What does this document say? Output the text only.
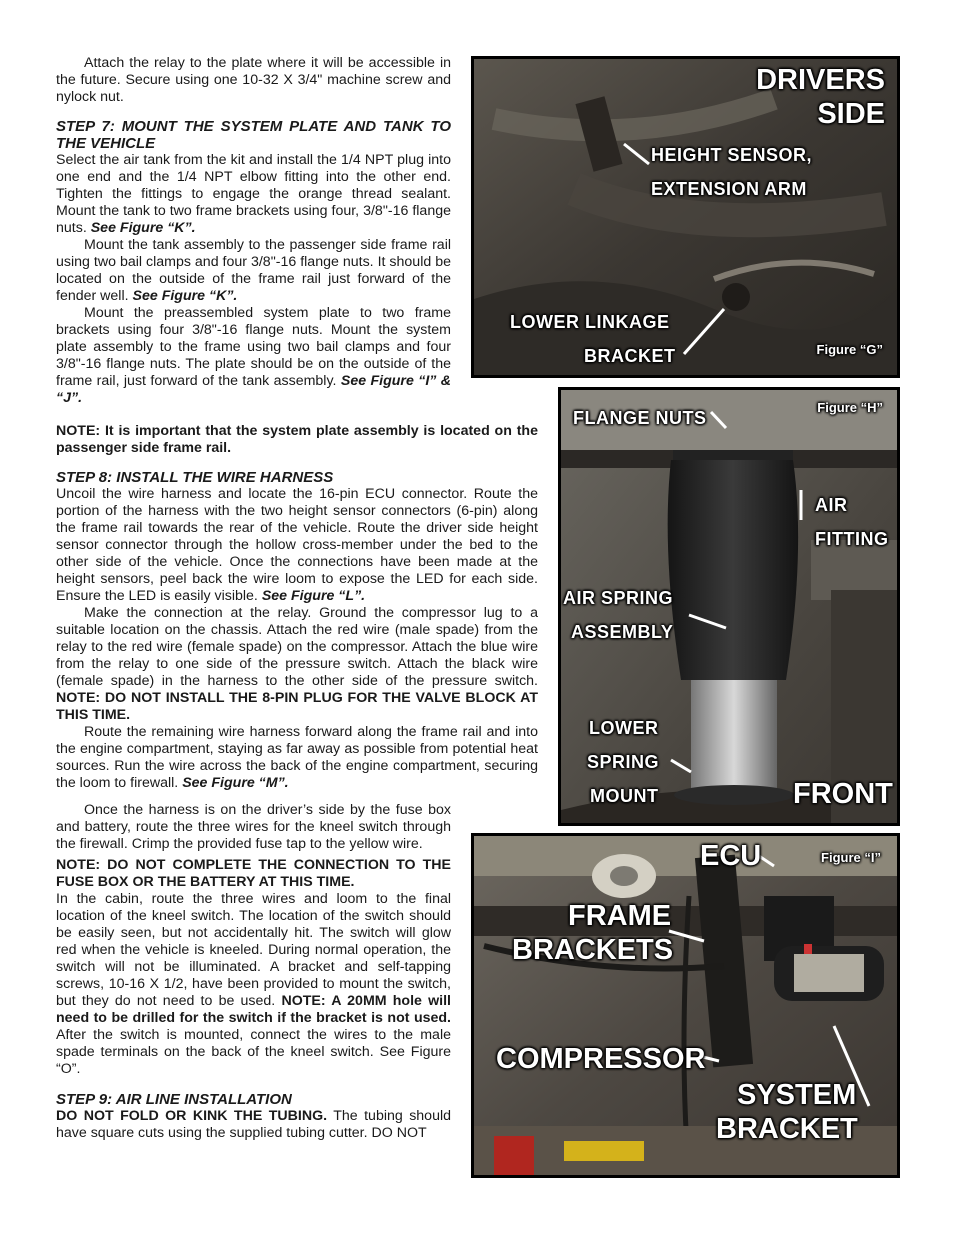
Attach the relay to the plate where it will be accessible in the future. Secure using one 10-32 X 3/4" machine screw and nylock nut.

STEP 7: MOUNT THE SYSTEM PLATE AND TANK TO THE VEHICLE

Select the air tank from the kit and install the 1/4 NPT plug into one end and the 1/4 NPT elbow fitting into the other end. Tighten the fittings to engage the orange thread sealant. Mount the tank to two frame brackets using four, 3/8"-16 flange nuts. See Figure “K”.

Mount the tank assembly to the passenger side frame rail using two bail clamps and four 3/8"-16 flange nuts. It should be located on the outside of the frame rail just forward of the fender well. See Figure “K”.

Mount the preassembled system plate to two frame brackets using four 3/8"-16 flange nuts. Mount the system plate assembly to the frame using two bail clamps and four 3/8"-16 flange nuts. The plate should be on the outside of the frame rail, just forward of the tank assembly. See Figure “I” & “J”.

NOTE: It is important that the system plate assembly is located on the passenger side frame rail.

STEP 8: INSTALL THE WIRE HARNESS

Uncoil the wire harness and locate the 16-pin ECU connector. Route the portion of the harness with the two height sensor connectors (6-pin) along the frame rail towards the rear of the vehicle. Route the driver side height sensor connector through the hollow cross-member under the bed to the other side of the vehicle. Once the connections have been made at the height sensors, peel back the wire loom to expose the LED for each side. Ensure the LED is easily visible. See Figure “L”.

Make the connection at the relay. Ground the compressor lug to a suitable location on the chassis. Attach the red wire (male spade) from the relay to the red wire (female spade) on the compressor. Attach the blue wire from the relay to one side of the pressure switch. Attach the black wire (female spade) in the harness to the other side of the pressure switch. NOTE: DO NOT INSTALL THE 8-PIN PLUG FOR THE VALVE BLOCK AT THIS TIME.

Route the remaining wire harness forward along the frame rail and into the engine compartment, staying as far away as possible from potential heat sources. Run the wire across the back of the engine compartment, securing the loom to firewall. See Figure “M”.

Once the harness is on the driver’s side by the fuse box and battery, route the three wires for the kneel switch through the firewall. Crimp the provided fuse tap to the yellow wire.

NOTE: DO NOT COMPLETE THE CONNECTION TO THE FUSE BOX OR THE BATTERY AT THIS TIME.

In the cabin, route the three wires and loom to the final location of the kneel switch. The location of the switch should be easily seen, but not accidentally hit. The switch will glow red when the vehicle is kneeled. During normal operation, the switch will not be illuminated. A bracket and self-tapping screws, 10-16 X 1/2, have been provided to mount the switch, but they do not need to be used. NOTE: A 20MM hole will need to be drilled for the switch if the bracket is not used. After the switch is mounted, connect the wires to the male spade terminals on the back of the kneel switch. See Figure “O”.

STEP 9: AIR LINE INSTALLATION

DO NOT FOLD OR KINK THE TUBING. The tubing should have square cuts using the supplied tubing cutter. DO NOT

DRIVERS
SIDE
HEIGHT SENSOR,
EXTENSION ARM
LOWER LINKAGE
BRACKET	Figure “G”
FLANGE NUTS
Figure “H”
AIR
FITTING
AIR SPRING
ASSEMBLY
LOWER
SPRING
MOUNT	FRONT
ECU	Figure “I”
FRAME
BRACKETS
COMPRESSOR
SYSTEM
BRACKET
